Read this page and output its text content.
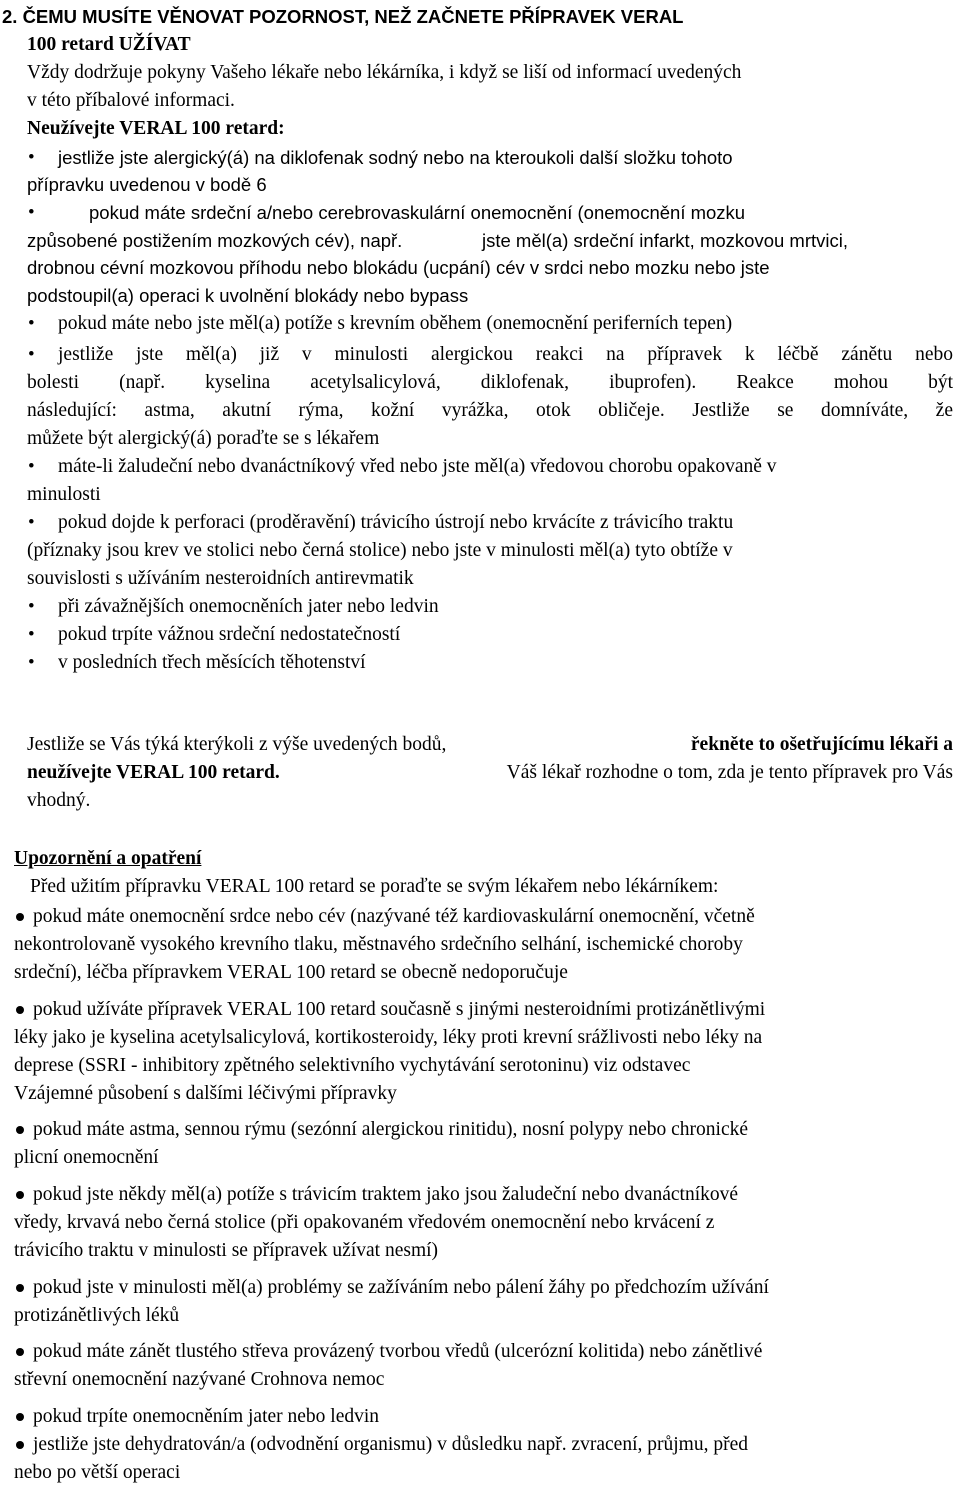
2. ČEMU MUSÍTE VĚNOVAT POZORNOST, NEŽ ZAČNETE PŘÍPRAVEK VERAL
100 retard UŽÍVAT
Vždy dodržuje pokyny Vašeho lékaře nebo lékárníka, i když se liší od informací uvedených
v této příbalové informaci.
Neužívejte VERAL 100 retard:
• jestliže jste alergický(á) na diklofenak sodný nebo na kteroukoli další složku tohoto
přípravku uvedenou v bodě 6
•	pokud máte srdeční a/nebo cerebrovaskulární onemocnění (onemocnění mozku
způsobené postižením mozkových cév), např.	jste měl(a) srdeční infarkt, mozkovou mrtvici,
drobnou cévní mozkovou příhodu nebo blokádu (ucpání) cév v srdci nebo mozku nebo jste
podstoupil(a) operaci k uvolnění blokády nebo bypass
• pokud máte nebo jste měl(a) potíže s krevním oběhem (onemocnění periferních tepen)
• jestliže jste měl(a) již v minulosti alergickou reakci na přípravek k léčbě zánětu nebo
bolesti (např. kyselina acetylsalicylová, diklofenak, ibuprofen). Reakce mohou být
následující: astma, akutní rýma, kožní vyrážka, otok obličeje. Jestliže se domníváte, že
můžete být alergický(á) poraďte se s lékařem
• máte-li žaludeční nebo dvanáctníkový vřed nebo jste měl(a) vředovou chorobu opakovaně v
minulosti
• pokud dojde k perforaci (proděravění) trávicího ústrojí nebo krvácíte z trávicího traktu
(příznaky jsou krev ve stolici nebo černá stolice) nebo jste v minulosti měl(a) tyto obtíže v
souvislosti s užíváním nesteroidních antirevmatik
• při závažnějších onemocněních jater nebo ledvin
• pokud trpíte vážnou srdeční nedostatečností
• v posledních třech měsících těhotenství
Jestliže se Vás týká kterýkoli z výše uvedených bodů,	řekněte to ošetřujícímu lékaři a
neužívejte VERAL 100 retard.	Váš lékař rozhodne o tom, zda je tento přípravek pro Vás
vhodný.
Upozornění a opatření
Před užitím přípravku VERAL 100 retard se poraďte se svým lékařem nebo lékárníkem:
pokud máte onemocnění srdce nebo cév (nazývané též kardiovaskulární onemocnění, včetně
nekontrolovaně vysokého krevního tlaku, městnavého srdečního selhání, ischemické choroby
srdeční), léčba přípravkem VERAL 100 retard se obecně nedoporučuje
pokud užíváte přípravek VERAL 100 retard současně s jinými nesteroidními protizánětlivými
léky jako je kyselina acetylsalicylová, kortikosteroidy, léky proti krevní srážlivosti nebo léky na
deprese (SSRI - inhibitory zpětného selektivního vychytávání serotoninu) viz odstavec
Vzájemné působení s dalšími léčivými přípravky
pokud máte astma, sennou rýmu (sezónní alergickou rinitidu), nosní polypy nebo chronické
plicní onemocnění
pokud jste někdy měl(a) potíže s trávicím traktem jako jsou žaludeční nebo dvanáctníkové
vředy, krvavá nebo černá stolice (při opakovaném vředovém onemocnění nebo krvácení z
trávicího traktu v minulosti se přípravek užívat nesmí)
pokud jste v minulosti měl(a) problémy se zažíváním nebo pálení žáhy po předchozím užívání
protizánětlivých léků
pokud máte zánět tlustého střeva provázený tvorbou vředů (ulcerózní kolitida) nebo zánětlivé
střevní onemocnění nazývané Crohnova nemoc
pokud trpíte onemocněním jater nebo ledvin
jestliže jste dehydratován/a (odvodnění organismu) v důsledku např. zvracení, průjmu, před
nebo po větší operaci
